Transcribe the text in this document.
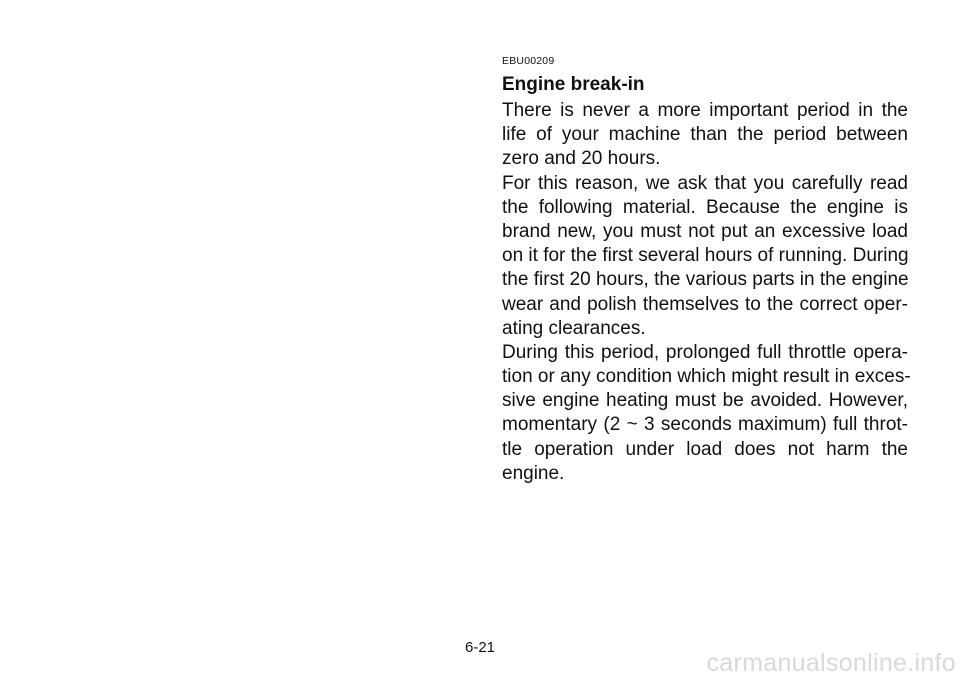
EBU00209
Engine break-in

There is never a more important period in the
life of your machine than the period between
zero and 20 hours.

For this reason, we ask that you carefully read
the following material. Because the engine is
brand new, you must not put an excessive load
on it for the first several hours of running. During
the first 20 hours, the various parts in the engine
wear and polish themselves to the correct oper-
ating clearances.

During this period, prolonged full throttle opera-
tion or any condition which might result in exces-
sive engine heating must be avoided. However,
momentary (2 ~ 3 seconds maximum) full throt-
tle operation under load does not harm the
engine.

6-21
carmanualsonline.info
